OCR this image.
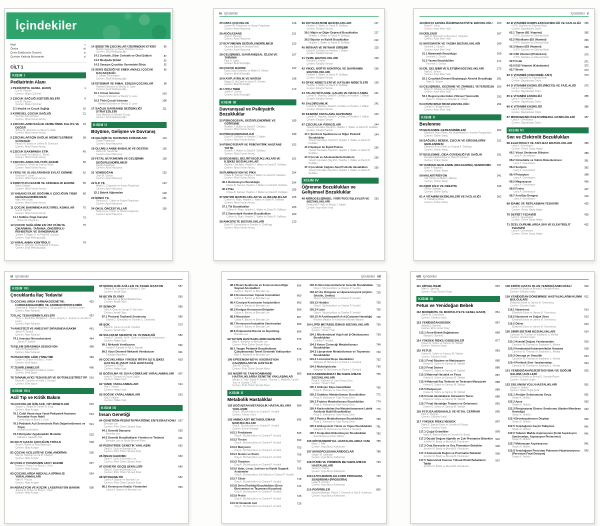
İçindekiler
İthaf	v
Önsöz	vii
Çeviri Editörünün Önsözü	ix
Çeviriye Katkıda Bulunanlar	xi
CİLT 1
KISIM I
Pediatrinin Alanı
1 PEDİATRİYE GENEL BAKIŞ	1
Lee M. Pachter
Çeviren: Nilgün Çöl Araz
2 ÇOCUK SAĞLIĞI EŞİTSİZLİKLERİ	9
Lee M. Pachter
Çeviren: Nilgün Çöl Araz
2.1 Irkçılık ve Çocuk Sağlığı	16
3 KÜRESEL ÇOCUK SAĞLIĞI	21
Suzinne Pak-Gorstein
Çeviren: Nihal Yaman Artunç
4 ÇOCUKLARIN SAĞLIK HİZMETİNDE KALİTE VE DEĞER
33
Jeffrey M. Simmons ve Samir S. Shah
Çeviren: Nihal Yaman Artunç
5 ÇOCUKLAR İÇİN SAĞLIK HİZMETLERİNDE GÜVENLİK
38
Patrick W. Brady ve Jeffrey M. Simmons
Çeviren: Nihal Yaman Artunç
6 ÇOCUK BAKIMINDA ETİK	45
Eric Kodish ve Kathryn L. Weise
Çeviren: Nihal Yaman Artunç
7 ÇOCUKLARDA PALYATİF BAKIM	50
Christina K. Ullrich ve Joanne Wolfe
Çeviren: Nihal Yaman Artunç
8 YERLİ VE ULUSLARARASI EVLAT EDİNME	62
Veronnie F. Jones
Çeviren: Nihal Yaman Artunç
9 KORUYUCU BAKIM VE AKRABALIK BAKIMI	65
Moira Szilagyi
Çeviren: Nihal Yaman Artunç
10 YABANCI ÜLKE DOĞUMLU ÇOCUĞUN TIBBİ DEĞERLENDİRİLMESİ
68
Mary Allen Staat
Çeviren: Nihal Yaman Artunç
11 ÇOCUK BAKIMINDA KÜLTÜREL KONULAR	70
Lee M. Pachter
Çeviren: Nihal Yaman Artunç
11.1 Kültüre Özgü İnançlar	73
Robert M. Kliegman
12 ÇOCUK SAĞLIĞINI EN ÜST DÜZEYE ÇIKARMAK: TARAMA, ÖNGÖRÜLÜ REHBERLİK VE DANIŞMANLIK
75
Joseph F. Hagan Jr. ve Paula M. Duncan
Çeviren: Seçil Mektupçuoğlu
13 YARALANMA KONTROLÜ	78
Brian D. Johnston ve Frederick P. Rivara
Çeviren: Seçil Mektupçuoğlu
14 ŞİDDETİN ÇOCUKLAR ÜZERİNDEKİ ETKİSİ	85
Marilyn Augustyn ve Betsy McAlister Groves
Çeviren: Seçil Mektupçuoğlu
14.1 Zorbalık, Siber Zorbalık ve Okul Şiddeti	87
14.2 Medyada Şiddet	92
14.3 Savaşın Çocuklar Üzerindeki Etkisi	92
15 SEKS İŞÇİLİĞİ VE EMEK AMAÇLI ÇOCUK KAÇAKÇILIĞI
95
V. Jordan Greenbaum
Çeviren: Seçil Mektupçuoğlu
16 İSTİSMAR VE İHMAL EDİLEN ÇOCUKLAR	98
Howard Dubowitz ve Wendy G. Lane
Çeviren: Seçil Mektupçuoğlu
16.1 Cinsel İstismar	103
Howard Dubowitz ve Wendy G. Lane
16.2 Tıbbi Çocuk İstismarı	108
Howard Dubowitz ve Wendy G. Lane
17 SAĞLIK DAVRANIŞI DEĞİŞİKLİĞİ STRATEJİLERİ
111
Gary Maslow ve Richard Chung
Çeviren: Seçil Mektupçuoğlu
KISIM II
Büyüme, Gelişme ve Davranış
18 GELİŞİM VE DAVRANIŞ KURAMLARI	113
Susan Feigelman
Çeviren: Aysel Hacıyeva
19 OLUMLU ANNE-BABALIK VE DESTEK	116
Robert D. Needlman
Çeviren: Aysel Hacıyeva
20 FETAL BÜYÜMENİN VE GELİŞİMİN DEĞERLENDİRİLMESİ
118
Susan Feigelman
Çeviren: Aysel Hacıyeva
21 YENİDOĞAN	120
John M. Olsson
Çeviren: Aysel Hacıyeva
22 İLK YIL	123
Mikah C. Chapman ve Susan Feigelman
Çeviren: Aysel Hacıyeva
22.1 Bebek Ağlamaları	128
23 İKİNCİ YIL	131
Rebecca G. Carter ve Susan Feigelman
Çeviren: Aysel Hacıyeva
24 OKUL ÖNCESİ YILLAR	136
Rebecca G. Carter ve Susan Feigelman
Çeviren: Aysel Hacıyeva
iv İçindekiler
25 ORTA ÇOCUKLUK	146
Lauren M. Finkelstein ve Susan Feigelman
Çeviren: Aysel Hacıyeva
26 ADÖLESANS	151
Cora C. Breuner
Çeviren: Aysel Hacıyeva
27 BÜYÜMENİN DEĞERLENDİRİLMESİ	153
Vaneeta Bamba ve Andrea Kelly
Çeviren: Aysel Hacıyeva
28 GELİŞİMSEL-DAVRANIŞSAL İZLEM VE TARAMA
157
Paul H. Lipkin
Çeviren: Betül Kocaoğlu
29 ÇOCUK BAKIMI	162
Laura Stout Sosinsky ve Walter S. Gilliam
Çeviren: Betül Kocaoğlu
30 KAYIP, AYRILIK VE MATEM	168
Megan E. McCabe ve Janet R. Serwint
Çeviren: Betül Kocaoğlu
31 UYKU TIBBI	172
Judith A. Owens
Çeviren: Betül Kocaoğlu
KISIM III
Davranışsal ve Psikiyatrik Bozukluklar
32 PSİKOSOSYAL DEĞERLENDİRME VE GÖRÜŞME
185
Heather J. Walter ve David R. DeMaso
Çeviren: Nihal Yaman Artunç
33 PSİKOFARMAKOLOJİ	189
David R. DeMaso ve Heather J. Walter
Çeviren: Nihal Yaman Artunç
34 PSİKOTERAPİ VE PSİKİYATRİK HASTANE YATIŞI
192
Heather J. Walter ve David R. DeMaso
Çeviren: Nihal Yaman Artunç
35 BEDENSEL BELİRTİ BOZUKLUKLARI VE İLİŞKİLİ BOZUKLUKLAR
201
Patricia I. Ibeziako, Heather J. Walter ve David R. DeMaso
Çeviren: Nihal Yaman Artunç
36 RUMİNASYON VE PİKA	204
Chase B. Samsel, Heather J. Walter ve David R. DeMaso
Çeviren: Nihal Yaman Artunç
36.1 Ruminasyon Bozukluğu	204
Chase B. Samsel, Heather J. Walter ve David R. DeMaso
36.2 Pika	205
Chase B. Samsel, Heather J. Walter ve David R. DeMaso
37 MOTOR BOZUKLUKLAR VE ALIŞKANLIKLAR 205
Colleen A. Ryan, Heather J. Walter ve David R. DeMaso
Çeviren: Nihal Yaman Artunç
37.1 Tik Bozuklukları	206
Colleen A. Ryan, Heather J. Walter ve David R. DeMaso
37.2 Stereotipik Hareket Bozuklukları	209
Colleen A. Ryan, Heather J. Walter ve David R. DeMaso
38 ANKSİYETE BOZUKLUKLARI	210
David R. Rosenberg ve Jennifer A. Chiriboga
Çeviren: Nihal Yaman Artunç
39 DUYGUDURUM BOZUKLUKLARI	217
Heather J. Walter ve David R. DeMaso
Çeviren: Ertuğrul Sercan
39.1 Majör ve Diğer Depresif Bozukluklar	217
Heather J. Walter ve David R. DeMaso
39.2 Bipolar ve İlişkili Bozukluklar	222
Heather J. Walter ve David R. DeMaso
40 İNTİHAR VE İNTİHAR GİRİŞİMİ	225
David R. DeMaso ve Heather J. Walter
Çeviren: Ertuğrul Sercan
41 YEME BOZUKLUKLARI	229
Richard E. Kreipe
Çeviren: Ertuğrul Sercan
42 YIKICI, DÜRTÜ KONTROL VE DAVRANIM BOZUKLUKLARI
236
Heather J. Walter ve David R. DeMaso
Çeviren: Ertuğrul Sercan
43 ÖFKE NÖBETLERİ VE KATILMA NÖBETLERİ 239
Heather J. Walter ve David R. DeMaso
Çeviren: Ertuğrul Sercan
44 YALAN SÖYLEME, ÇALMA VE OKULU ASMA 241
Lovern R. Moseley, David R. DeMaso ve Heather J. Walter
Çeviren: Ertuğrul Sercan
45 SALDIRGANLIK	242
Lovern R. Moseley, David R. DeMaso ve Heather J. Walter
Çeviren: Ertuğrul Sercan
46 KENDİNİ YARALAMA DAVRANIŞI	243
Lovern R. Moseley, David R. DeMaso ve Heather J. Walter
Çeviren: Ertuğrul Sercan
47 ÇOCUKLUK PSİKOZLARI	244
Joseph Gonzalez-Heydrich, Heather J. Walter ve David R. DeMaso
Çeviren: Ertuğrul Sercan
47.1 Şizofreni Spektrumu ve Diğer Psikotik Bozukluklar
244
Joseph Gonzalez-Heydrich, Heather J. Walter ve David R. DeMaso
47.2 Epilepsi ile İlişkili Psikoz	250
Joseph Gonzalez-Heydrich, Heather J. Walter ve David R. DeMaso
47.3 Çocuk ve Adolesanlarda Katatoni	250
Joseph Gonzalez-Heydrich, Heather J. Walter ve David R. DeMaso
47.4 Çocukluk Çağının Akut Psikotik Hastalıkları 250
Joseph Gonzalez-Heydrich, Heather J. Walter ve David R. DeMaso
KISIM IV
Öğrenme Bozuklukları ve Gelişimsel Bozukluklar
48 NÖROGELİŞİMSEL YÜRÜTÜCÜ İŞLEVLER VE BOZUKLUKLARI
253
Desmond P. Kelly ve Mindo J. Natale
Çeviren: Ayşe Mete Yeşil
İçindekiler v
49 DİKKAT EKSİKLİĞİ/HİPERAKTİVİTE BOZUKLUĞU 263
David K. Urion
Çeviren: Ayşe Mete Yeşil
50 DİSLEKSİ	267
Sally E. Shaywitz ve Bennett A. Shaywitz
Çeviren: Ayşe Mete Yeşil
51 MATEMATİK VE YAZMA BOZUKLUKLARI	269
Kenneth L. Grizzle
Çeviren: Ayşe Mete Yeşil
51.1 Matematik Bozukluğu	269
Kenneth L. Grizzle
51.2 Yazma Bozuklukları	271
Kenneth L. Grizzle
52 DİL GELİŞİMİ VE İLETİŞİM BOZUKLUKLARI	273
Mark D. Simms
Çeviren: Ayşe Mete Yeşil
52.1 Çocukluk Dönemi Başlangıçlı Akıcılık Bozukluğu 281
Mark D. Simms
53 GELİŞİMSEL GECİKME VE ZİHİNSEL YETERSİZLİK 283
Bruce K. Shapiro ve Meghan E. O'Neill
Çeviren: Ayşe Mete Yeşil
53.1 Regresyonla Giden Zihinsel Yetersizlik	293
Bruce K. Shapiro ve Meghan E. O'Neill
54 OTİZM SPEKTRUM BOZUKLUĞU	294
Carolyn F. Bridgemohan
Çeviren: Ayşe Mete Yeşil
KISIM V
Beslenme
55 BESLENME GEREKSİNİMLERİ	302
Elizabeth Prout Parks, Ala Shaikhkhalil ve Jennifer Panganiban
Çeviren: Özlem Saraç
56 SAĞLIKLI BEBEK, ÇOCUK VE ERGENLERİN BESLENMESİ
321
Elizabeth Prout Parks ve Virginia A. Stallings
Çeviren: Özlem Saraç
57 BESLENME, GIDA GÜVENLİĞİ VE SAĞLIK	331
Deepak Palakshappa ve Hans B. Kersten
Çeviren: Özlem Saraç
58 YENİDEN BESLENME (REFEEDING) SENDROMU 337
Bram P. Raphael
Çeviren: Özlem Saraç
59 MALNÜTRİSYON	341
Indi Trehan ve Mark J. Manary
Çeviren: Özlem Saraç
60 AŞIRI KİLO VE OBEZİTE	345
Sheila Gahagan
Çeviren: Özlem Saraç
61 A VİTAMİNİ EKSİKLİKLERİ VE FAZLALIĞI	362
A. Catharine Ross
Çeviren: Özlem Saraç
62 B VİTAMİNİ KOMPLEKSİ EKSİKLİĞİ VE FAZLALIĞI 365
H.P.S. Sachdev ve Dheeraj Shah
Çeviren: Bayraktutan Özüm
62.1 Tiamin (B1 Vitamini)	365
H.P.S. Sachdev ve Dheeraj Shah
62.2 Riboflavin (B2 Vitamini)	366
H.P.S. Sachdev ve Dheeraj Shah
62.3 Niasin (B3 Vitamini)	368
H.P.S. Sachdev ve Dheeraj Shah
62.4 B6 Vitamini (Piridoksin)	370
H.P.S. Sachdev ve Dheeraj Shah
62.5 Folat	371
62.6 B12 Vitamini (Kobalamin)	372
62.7 Biotin	373
63 C VİTAMİNİ (ASKORBİK ASİT)	373
H.P.S. Sachdev ve Dheeraj Shah
Çeviren: Bayraktutan Özüm
64 D VİTAMİNİ EKSİKLİĞİ (RİKETS) VE FAZLALIĞI	375
Larry A. Greenbaum
Çeviren: Bayraktutan Özüm
65 E VİTAMİNİ EKSİKLİĞİ	385
Larry A. Greenbaum
Çeviren: Bayraktutan Özüm
66 K VİTAMİNİ EKSİKLİĞİ	386
Larry A. Greenbaum
Çeviren: Bayraktutan Özüm
67 MİKROBESİN ÖGESİ MİNERAL EKSİKLİKLERİ	387
Larry A. Greenbaum
Çeviren: Bayraktutan Özüm
KISIM VI
Sıvı ve Elektrolit Bozuklukları
68 ELEKTROLİT VE ASİT-BAZ BOZUKLUKLARI	389
Larry A. Greenbaum
Çeviren: Özlem Saraç Hatipe
68.1 Vücut Sıvılarının Bileşimi	389
Larry A. Greenbaum
68.2 Ozmolalite ve Volüm Düzenlenmesi	391
Larry A. Greenbaum
68.3 Sodyum	392
Larry A. Greenbaum
68.4 Potasyum	398
Larry A. Greenbaum
68.5 Magnezyum	406
Larry A. Greenbaum
68.6 Fosfor	407
Larry A. Greenbaum
68.7 Asit-Baz Dengesi	410
Larry A. Greenbaum
69 İDAME VE REPLASMAN TEDAVİSİ	425
Larry A. Greenbaum
Çeviren: Özlem Saraç Hatipe
70 DEFİSİT TEDAVİSİ	429
Larry A. Greenbaum
Çeviren: Özlem Saraç Hatipe
71 ÖZEL DURUMLARDA SIVI VE ELEKTROLİT TEDAVİSİ
432
Larry A. Greenbaum
Çeviren: Özlem Saraç Hatipe
vi İçindekiler
KISIM VII
Çocuklarda İlaç Tedavisi
72 ÇOCUKLARDA FARMAKOGENETİK, FARMAKOGENOMİK VE FARMAKOPROTEOMİK
452
Jonathan B. Wagner, Matthew J. McLaughlin ve J. Steven Leeder
Çeviren: Alper Aykanat
73 İLAÇ TEDAVİSİNİN İLKELERİ	457
Tracy L. Sandritter, Bridgette L. Jones, Gregory L. Kearns ve Jennifer A. Lowry
Çeviren: Alper Aykanat
74 ANESTEZİ VE AMELİYAT SIRASINDA BAKIM	461
James P. Spaeth
Çeviren: Alper Aykanat
74.1 Anestezi Nörotoksisitesi	464
James P. Spaeth
75 İŞLEM SIRASINDA SEDASYON	468
John W. Berkenbosch
Çeviren: Alper Aykanat
76 PEDİATRİK AĞRI YÖNETİMİ	469
Lonnie K. Zeltzer ve Elliot J. Krane
Çeviren: Sevil İyigün
77 ZEHİRLENMELER	490
Jillian L. Theobald ve Mark A. Kostic
Çeviren: Sevil İyigün
78 TAMAMLAYICI TEDAVİLER VE BÜTÜNLEŞTİRİCİ TIP 510
Paula M. Gardiner ve Kathi J. Kemper
Çeviren: Sevil İyigün
KISIM VIII
Acil Tıp ve Kritik Bakım
79 ÇOCUKLAR İÇİN ACİL TIP HİZMETLERİ	515
Joseph L. Wright ve Steven E. Krug
Çeviren: Nilay Kozgar
79.1 Ciddi Hasta veya Yaralı Pediyatrik Hastanın Kurumlar Arası Nakli
519
Corina Noje ve Bruce L. Klein
79.2 Pediatrik Acil Servislerde Risk Değerlendirmesi ve Triyaj
521
Richard Lichenstein
79.3 Dünyada Uygulanabilir Modeller	525
Marianne Gausche-Hill
80 AKUT HASTA ÇOCUĞUN TRİYAJI	528
Anna K. Weiss ve Fran Balamuth
Çeviren: Nilay Kozgar
81 ÇOCUK ACİLLERİ VE CANLANDIRMA	530
Mary E. Hartman ve Ira M. Cheifetz
Çeviren: Nilay Kozgar
82 ÇOKLU TRAVMANIN AKUT BAKIMI	547
Howard I. Pryor II ve Bruce L. Klein
Çeviren: Nilay Kozgar
83 ÇOCUKLARDA MEDULLA SPİNALİS YARALANMALARI
554
Mark R. Proctor
Çeviren: Nilay Kozgar
84 ABRAZYON VE KÜÇÜK LASERASYON BAKIMI	556
Joanna S. Cohen ve Bruce L. Klein
Çeviren: Nilay Kozgar
85 NÖROLOJİK ACİLLER VE STABİLİZASYON	557
Patrick M. Kochanek ve Michael J. Bell
Çeviren: İsmail Oğuz
86 BEYİN ÖLÜMÜ	563
K. Jane Lee ve Binod Balakrishnan
Çeviren: İsmail Oğuz
87 SENKOP	566
Seth A. Gray ve George F. Van Hare
Çeviren: İsmail Oğuz
87.1 Postural Taşikardi Sendromu	569
Gisela G. Chelimsky ve Thomas C. Chelimsky
88 ŞOK	573
David A. Turner ve Ira M. Cheifetz
Çeviren: İsmail Oğuz
89 SOLUNUM SIKINTISI VE YETMEZLİĞİ	583
Ashok P. Sarnaik, Jeff A. Clark ve Sabrina M. Heidemann
Çeviren: Hakan Uçar
89.1 Mekanik Ventilasyon	592
Ashok P. Sarnaik ve Ajit A. Sarnaik
89.2 Uzun Dönemli Mekanik Ventilasyon	601
Christian Bauerfeld
90 ÇOCUKLARDA YÜKSEK İRTİFA İLE İLİŞKİLİ HASTALIK (AKUT DAĞ HASTALIĞI)
603
Christine K. O'Neil
Çeviren: Hakan Uçar
91 BOĞULMA VE SUYA GÖMÜLME YARALANMALARI 607
Anita A. Thomas ve Derya Çağlar
Çeviren: Hakan Uçar
92 YANIK YARALANMALARI	614
Alia Y. Antoon
Çeviren: Hakan Uçar
93 SOĞUK YARALANMALARI	623
Alia Y. Antoon
Çeviren: Hakan Uçar
KISIM IX
İnsan Genetiği
94 GENETİĞİN PEDİATRİ PRATİĞİNE ENTEGRASYONU 627
Brendan Lee
Çeviren: Pelin Özlem Şimşek Kiper
94.1 Genetik Danışma	629
Brendan Lee
94.2 Genetik Bozuklukların Yönetim ve Tedavisi	631
Brendan Lee ve Nicola Brunetti-Pierri
95 PEDİATRİDE GENETİK YAKLAŞIM	632
Daryl A. Scott ve Brendan Lee
Çeviren: Pelin Özlem Şimşek Kiper
96 İNSAN GENOMU	633
Daryl A. Scott ve Brendan Lee
Çeviren: Pelin Özlem Şimşek Kiper
97 GENETİK GEÇİŞ ŞEKİLLERİ	640
Daryl A. Scott ve Brendan Lee
Çeviren: Pelin Özlem Şimşek Kiper
98 SİTOGENETİK	652
Carlos A. Bacino ve Brendan Lee
Çeviren: Pelin Özlem Şimşek Kiper
98.1 Kromozom Analizi Yöntemleri	653
Carlos A. Bacino ve Brendan Lee
İçindekiler vii
98.2 Down Sendromu ve Kromozomun Diğer Sayısal Anomalileri
654
Carlos A. Bacino ve Brendan Lee
98.3 Kromozomun Yapısal Anomalileri	660
Carlos A. Bacino ve Brendan Lee
98.4 Cinsiyet Kromozom Anöploidileri	663
Carlos A. Bacino ve Brendan Lee
98.5 Kırılgan Kromozom Bölgeleri	666
Carlos A. Bacino ve Brendan Lee
98.6 Mozaisizm	667
Carlos A. Bacino ve Brendan Lee
98.7 Kromozom İnstabilite Sendromları	668
Carlos A. Bacino ve Brendan Lee
98.8 Uniparental Dizomi ve İmprinting	669
Brendan Lee
99 YAYGIN HASTALIKLARIN GENETİĞİ	676
Blair K. Bostwick ve Brendan Lee
Çeviren: Pelin Özlem Şimşek Kiper
99.1 Yaygın Pediatrik Bozuklukların Çalışılmasında Temel Genomik Yaklaşımlar
676
Blair K. Bostwick ve Brendan Lee
100 EPİGENOM-BOYU ASOSİASYON ÇALIŞMALARI VE HASTALIK
679
John M. Greally
Çeviren: Pelin Özlem Şimşek Kiper
101 NADİR VE TANI KONMAMIŞ HASTALIKLARDA GENETİK YAKLAŞIMLAR
683
William A. Gahl, David R. Adams, Thomas C. Markello, Camilo Toro ve Cynthia J. Tifft
Çeviren: Pelin Özlem Şimşek Kiper
KISIM X
Metabolik Hastalıklar
102 DOĞUŞTAN METABOLİK HASTALIKLARA YAKLAŞIM
688
Oleg A. Shchelochkov ve Charles P. Venditti
Çeviren: Yılmaz Yıldız
103 AMİNO ASİT METABOLİZMASI BOZUKLUKLARI
695
Oleg A. Shchelochkov ve Charles P. Venditti
Çeviren: Kısmet Karagöl
103.1 Fenilalanin	695
Oleg A. Shchelochkov ve Charles P. Venditti
103.2 Tirozin	699
Oleg A. Shchelochkov ve Charles P. Venditti
103.3 Metiyonin	703
Oleg A. Shchelochkov ve Charles P. Venditti
103.4 Sistein ve Sistin	706
Oleg A. Shchelochkov ve Charles P. Venditti
103.5 Triptofan	707
Oleg A. Shchelochkov ve Charles P. Venditti
103.6 Valin, Lösin, İzolösin ve İlişkili Organik Asidemiler
708
Oleg A. Shchelochkov, Irini Manoli ve Charles P. Venditti
103.7 Glisin	718
Oleg A. Shchelochkov ve Charles P. Venditti
103.8 Serin Eksikliği Bozuklukları (Serin Biyosentezi ve Taşınması Kusurları)
724
Oleg A. Shchelochkov ve Charles P. Venditti
103.9 Prolin	725
Oleg A. Shchelochkov ve Charles P. Venditti
103.10 Glutamik Asit	726
Oleg A. Shchelochkov ve Charles P. Venditti
103.11 Nörotransmitterlerin Genetik Bozuklukları 728
Oleg A. Shchelochkov ve Charles P. Venditti
103.12 Üre Döngüsü ve Hiperamonyemi (Arjinin, Sitrülin, Ornitin)
729
Oleg A. Shchelochkov ve Charles P. Venditti
103.13 Histidin	735
Oleg A. Shchelochkov ve Charles P. Venditti
103.14 Lizin	735
Oleg A. Shchelochkov ve Charles P. Venditti
103.15 N-Asetilaspartik Asit (Canavan Hastalığı) 738
Reuben Matalon ve Kimberlee Michals Matalon
104 LİPİD METABOLİZMASI BOZUKLUKLARI 739
Charles P. Venditti
Çeviren: Yılmaz Yıldız
104.1 Mitokondriyal Yağ Asidi β-Oksidasyonu Bozuklukları
739
Charles P. Venditti
104.2 Keton Cisimciği Metabolizması Bozuklukları
748
104.3 Lipoprotein Metabolizması ve Taşınması Bozuklukları
749
104.4 Lizozomal Depo Hastalıkları	752
Margaret M. McGovern ve Robert J. Desnick
104.5 Mukolipidozlar	760
Margaret M. McGovern ve Robert J. Desnick
105 KARBONHİDRAT METABOLİZMASI BOZUKLUKLARI
765
Priya S. Kishnani ve Yuan-Tsong Chen
Çeviren: Yılmaz Yıldız
105.1 Glikojen Depo Hastalıkları	765
Priya S. Kishnani ve Yuan-Tsong Chen
105.2 Galaktoz Metabolizması Bozuklukları	772
Priya S. Kishnani ve Yuan-Tsong Chen
105.3 Fruktoz Metabolizması Bozuklukları	774
Priya S. Kishnani ve Yuan-Tsong Chen
105.4 Karbonhidrat Ara Metabolizmasının Laktik Asidozla İlişkili Bozuklukları
776
Priya S. Kishnani ve Yuan-Tsong Chen
105.5 Pentoz Metabolizması Bozuklukları	780
Priya S. Kishnani ve Yuan-Tsong Chen
105.6 Glikoprotein Yıkımı ve Yapısı Bozuklukları 781
Margaret M. McGovern ve Robert J. Desnick
105.7 Konjenital Glikozilasyon Bozuklukları	782
Eva Morava ve Peter Witters
106 MİTOKONDRİYAL HASTALIKLARDA TANI 786
Marni J. Falk
Çeviren: Ayça Burcu Kahraman
107 MUKOPOLİSAKKARİDOZLAR	788
Jürgen W. Spranger
Çeviren: Ayça Burcu Kahraman
108 PÜRİN VE PİRİMİDİN METABOLİZMASI HASTALIKLARI
793
James C. Harris
Çeviren: Ayça Burcu Kahraman
109 HUTCHINSON-GILFORD PROGERIA SENDROMU (PROGERİA)
799
Leslie B. Gordon
Çeviren: Ayça Burcu Kahraman
110 PORFİRİLER	800
Manisha Balwani, Robert J. Desnick ve Karl E. Anderson
Çeviren: Ayça Burcu Kahraman
viii İçindekiler
111 HİPOGLİSEMİ	845
Mark A. Sperling
Çeviren: Özge Sürmeli Onay
KISIM XI
Fetus ve Yenidoğan Bebek
112 MORBİDİTE VE MORTALİTEYE GENEL BAKIŞ	861
James M. Greenberg
Çeviren: Gözdem Kaykı
113 YENİDOĞAN BEBEK	867
Wanda D. Barfield
Çeviren: Ebru Günel Onay
113.1 Anne-Bebek Bağlanması	868
Wanda D. Barfield
114 YÜKSEK RİSKLİ GEBELİKLER	877
Kristen E. Suhrie ve Sammy M. Tabbah
Çeviren: Gözdem Kaykı
115 FETUS	883
Kristen E. Suhrie ve Sammy M. Tabbah
Çeviren: Gözdem Kaykı
115.1 Fetal Büyüme ve Matürasyon	885
Kristen E. Suhrie ve Sammy M. Tabbah
115.2 Fetal Distres	886
Kristen E. Suhrie ve Sammy M. Tabbah
115.3 Maternal Hastalık ve Fetus	887
Kristen E. Suhrie ve Sammy M. Tabbah
115.4 Maternal İlaç Tedavisi ve Teratojen Maruziyeti	888
Kristen E. Suhrie ve Sammy M. Tabbah
115.5 Radyasyon	889
Kristen E. Suhrie ve Sammy M. Tabbah
115.6 Fetal Hastalıkların İntrauterin Tanısı	889
Kristen E. Suhrie ve Sammy M. Tabbah
115.7 Fetal Hastalığın Tedavisi ve Önlenmesi	892
Kristen E. Suhrie ve Sammy M. Tabbah
116 FETUSA MÜDAHALE VE FETAL CERRAHİ	895
Paul S. Kingma
Çeviren: Gözdem Kaykı
117 YÜKSEK RİSKLİ BEBEK	897
Maria E. Barnes-Davis ve Jennifer M. Brady
Çeviren: Gözdem Kaykı
117.1 Çoğul Gebelikler	899
Maria E. Barnes-Davis ve Jennifer M. Brady
117.2 Düşük Doğum Ağırlıklı ve Çok Prematüre Bebekler 902
Jennifer M. Brady ve Brenda B. Poindexter
117.3 Orta Derecede ve Geç Prematüre Bebekler	905
Jennifer M. Brady ve Brenda B. Poindexter
117.4 Zamanında Doğan ve Postmatür Bebekler	906
Jennifer M. Brady ve Brenda B. Poindexter
117.5 Taburculuk Sonrası Yüksek Riskli Bebeklerin Takibi
907
Jennifer M. Brady ve Brenda B. Poindexter
118 KRİTİK HASTA OLAN YENİDOĞANIN NAKLİ	909
Jennifer M. Brady ve Beena D. Kamath-Rayne
Çeviren: Gözdem Kaykı
119 YENİDOĞAN DÖNEMİNDE HASTALIKLARIN KLİNİK BULGULARI
912
Elizabeth Enlow ve James M. Greenberg
Çeviren: Gözdem Kaykı
119.1 Hipertermi	913
Elizabeth Enlow ve James M. Greenberg
119.2 Hipotermi ve Soğuk Stres	913
Elizabeth Enlow ve James M. Greenberg
119.3 Ödem	913
Elizabeth Enlow ve James M. Greenberg
120 SİNİR SİSTEMİ BOZUKLUKLARI	914
Cameron W. Thomas ve Stephanie L. Merhar
Çeviren: Gözdem Kaykı
120.1 Kranial Doğum Yaralanmaları	915
Cameron W. Thomas ve Stephanie L. Merhar
120.2 İntrakranial-İntraventriküler Kanama	918
Cameron W. Thomas ve Stephanie L. Merhar
120.3 Omurga ve Omurilik	923
Cameron W. Thomas ve Stephanie L. Merhar
120.4 Periferik Sinir Yaralanmaları	924
Cameron W. Thomas ve Stephanie L. Merhar
121 YENİDOĞAN RESÜSİTASYONU VE DOĞUM SALONU ACİLLERİ
925
Jennifer M. Brady ve Beena D. Kamath-Rayne
Çeviren: Gözdem Kaykı
122 SOLUNUM YOLU HASTALIKLARI	931
Shawn K. Ahlfeld
Çeviren: Hasan Tolga Çelik
122.1 Akciğer Solunumuna Geçiş	931
Shawn K. Ahlfeld
122.2 Apne	932
Shawn K. Ahlfeld
122.3 Respiratuvar Distres Sendromu (Hyalen Membran Hastalığı)
932
Shawn K. Ahlfeld
122.4 Bronkopulmoner Displazi	936
Shawn K. Ahlfeld
122.5 Yenidoğanın Geçici Takipnesi	941
Shawn K. Ahlfeld
122.6 Yabancı Madde Aspirasyonu (Fetal Aspirasyon Sendromları, Aspirasyon Pnömonisi)
941
Shawn K. Ahlfeld
122.7 Mekonyum Aspirasyonu	941
Shawn K. Ahlfeld
122.8 Yenidoğanın Persistan Pulmoner Hipertansiyonu (Persistan Fetal Dolaşım)
942
Shawn K. Ahlfeld
